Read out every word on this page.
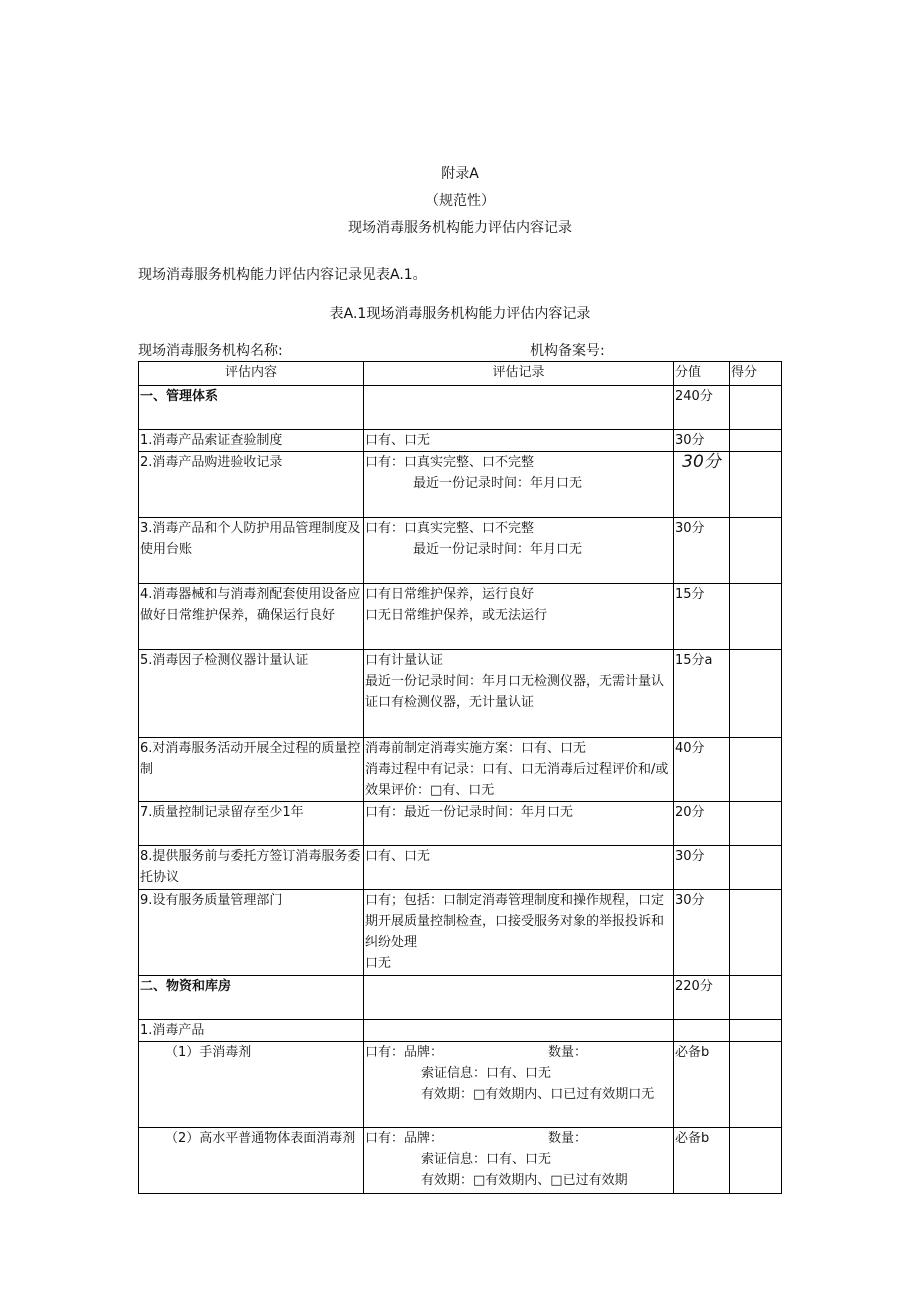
附录A
（规范性）
现场消毒服务机构能力评估内容记录
现场消毒服务机构能力评估内容记录见表A.1。
表A.1现场消毒服务机构能力评估内容记录
现场消毒服务机构名称:	机构备案号:
评估内容	评估记录	分值	得分
一、管理体系		240分	
1.消毒产品索证查验制度	口有、口无	30分	
2.消毒产品购进验收记录	口有：口真实完整、口不完整
最近一份记录时间：年月口无	30分	
3.消毒产品和个人防护用品管理制度及使用台账	口有：口真实完整、口不完整
最近一份记录时间：年月口无	30分	
4.消毒器械和与消毒剂配套使用设备应做好日常维护保养，确保运行良好	口有日常维护保养，运行良好
口无日常维护保养，或无法运行	15分	
5.消毒因子检测仪器计量认证	口有计量认证
最近一份记录时间：年月口无检测仪器，无需计量认证口有检测仪器，无计量认证	15分a	
6.对消毒服务活动开展全过程的质量控制	消毒前制定消毒实施方案：口有、口无
消毒过程中有记录：口有、口无消毒后过程评价和/或效果评价：□有、口无	40分	
7.质量控制记录留存至少1年	口有：最近一份记录时间：年月口无	20分	
8.提供服务前与委托方签订消毒服务委托协议	口有、口无	30分	
9.设有服务质量管理部门	口有；包括：口制定消毒管理制度和操作规程，口定期开展质量控制检查，口接受服务对象的举报投诉和纠纷处理
口无	30分	
二、物资和库房		220分	
1.消毒产品			
（1）手消毒剂	口有：品牌： 数量：
索证信息：口有、口无
有效期：□有效期内、口已过有效期口无	必备b	
（2）高水平普通物体表面消毒剂	口有：品牌： 数量：
索证信息：口有、口无
有效期：□有效期内、□已过有效期	必备b	
